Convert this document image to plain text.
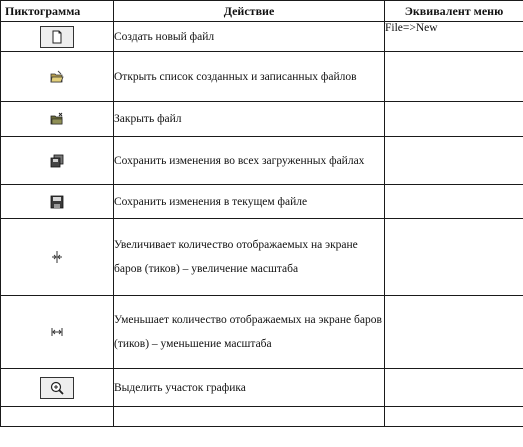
Пиктограмма	Действие	Эквивалент меню

	Создать новый файл	File=>New

	Открыть список созданных и записанных файлов	

	Закрыть файл	

	Сохранить изменения во всех загруженных файлах	

	Сохранить изменения в текущем файле	

	Увеличивает количество отображаемых на экране баров (тиков) – увеличение масштаба	

	Уменьшает количество отображаемых на экране баров (тиков) – уменьшение масштаба	

	Выделить участок графика	
